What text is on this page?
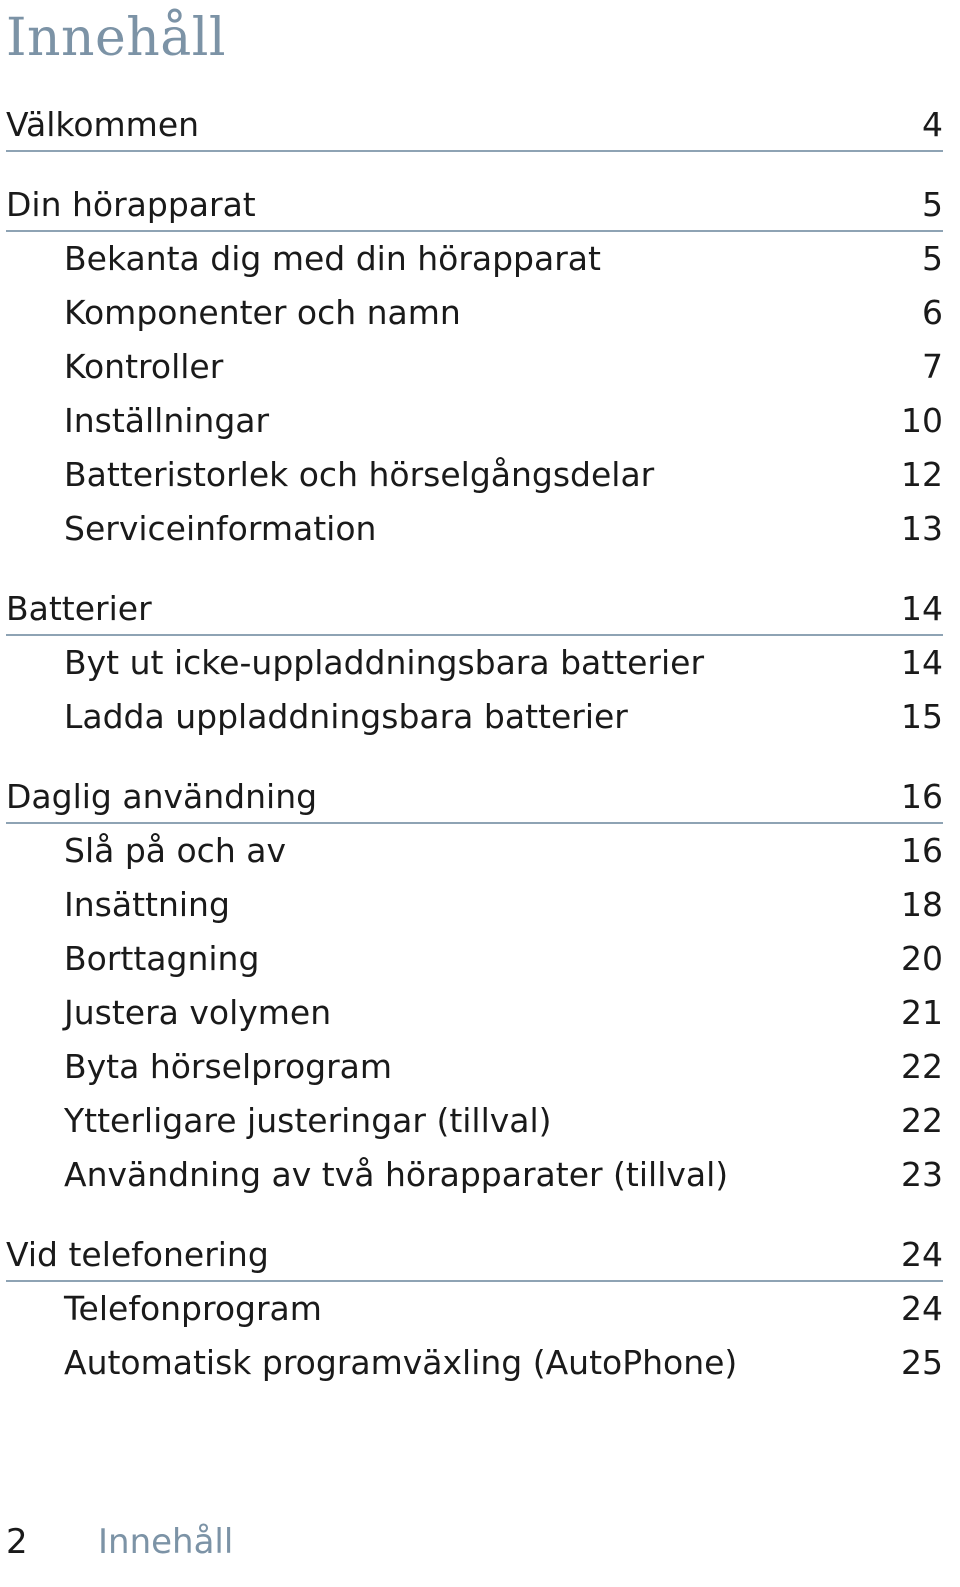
Innehåll
Välkommen	4
Din hörapparat	5
Bekanta dig med din hörapparat	5
Komponenter och namn	6
Kontroller	7
Inställningar	10
Batteristorlek och hörselgångsdelar	12
Serviceinformation	13
Batterier	14
Byt ut icke-uppladdningsbara batterier	14
Ladda uppladdningsbara batterier	15
Daglig användning	16
Slå på och av	16
Insättning	18
Borttagning	20
Justera volymen	21
Byta hörselprogram	22
Ytterligare justeringar (tillval)	22
Användning av två hörapparater (tillval)	23
Vid telefonering	24
Telefonprogram	24
Automatisk programväxling (AutoPhone)	25
2 Innehåll
